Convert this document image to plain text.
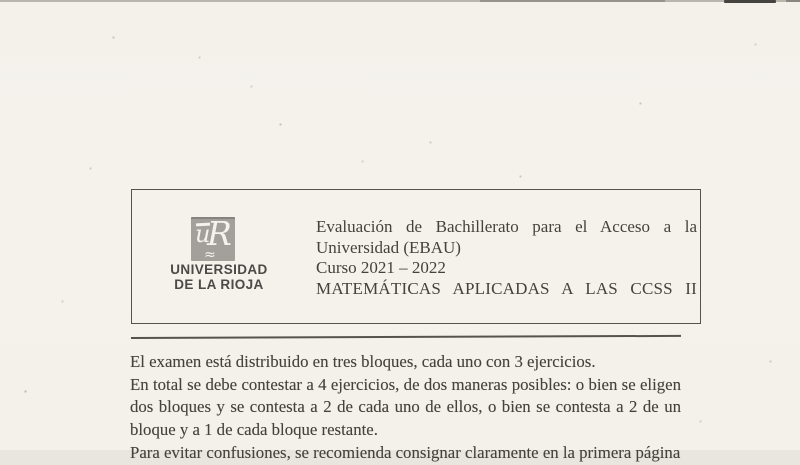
u
R
≈
UNIVERSIDAD
DE LA RIOJA
Evaluación de Bachillerato para el Acceso a la
Universidad (EBAU)
Curso 2021 – 2022
MATEMÁTICAS APLICADAS A LAS CCSS II
El examen está distribuido en tres bloques, cada uno con 3 ejercicios.
En total se debe contestar a 4 ejercicios, de dos maneras posibles: o bien se eligen
dos bloques y se contesta a 2 de cada uno de ellos, o bien se contesta a 2 de un
bloque y a 1 de cada bloque restante.
Para evitar confusiones, se recomienda consignar claramente en la primera página
